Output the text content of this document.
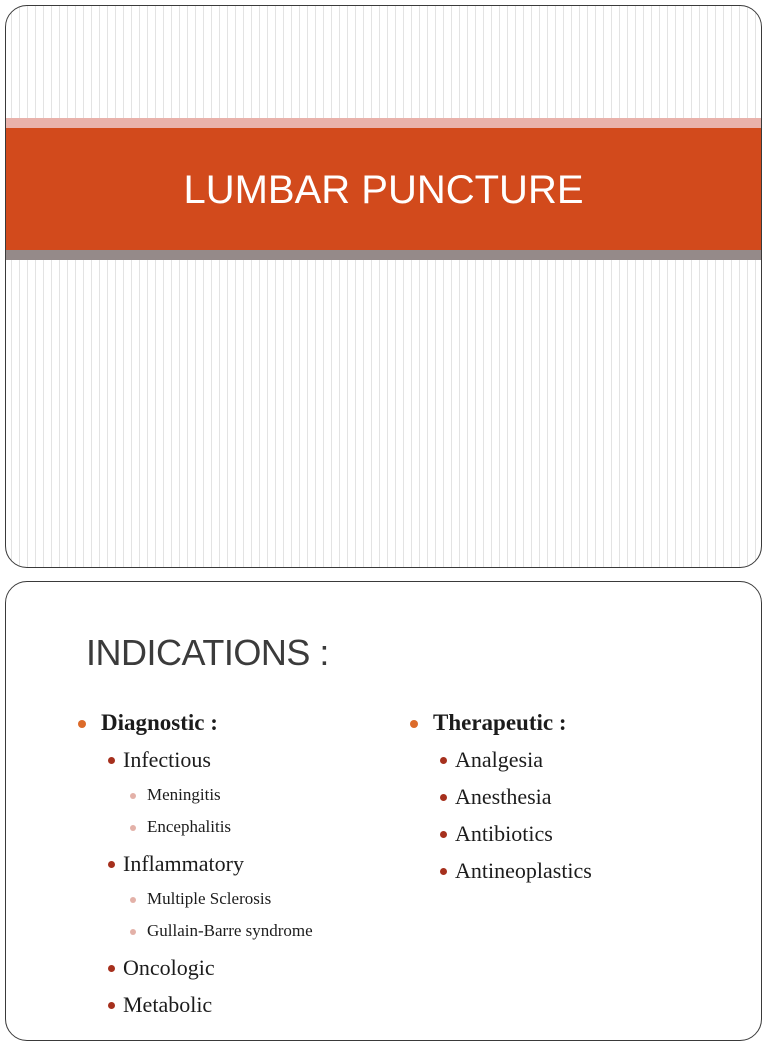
LUMBAR PUNCTURE
INDICATIONS :
Diagnostic :
Infectious
Meningitis
Encephalitis
Inflammatory
Multiple Sclerosis
Gullain-Barre syndrome
Oncologic
Metabolic
Therapeutic :
Analgesia
Anesthesia
Antibiotics
Antineoplastics
